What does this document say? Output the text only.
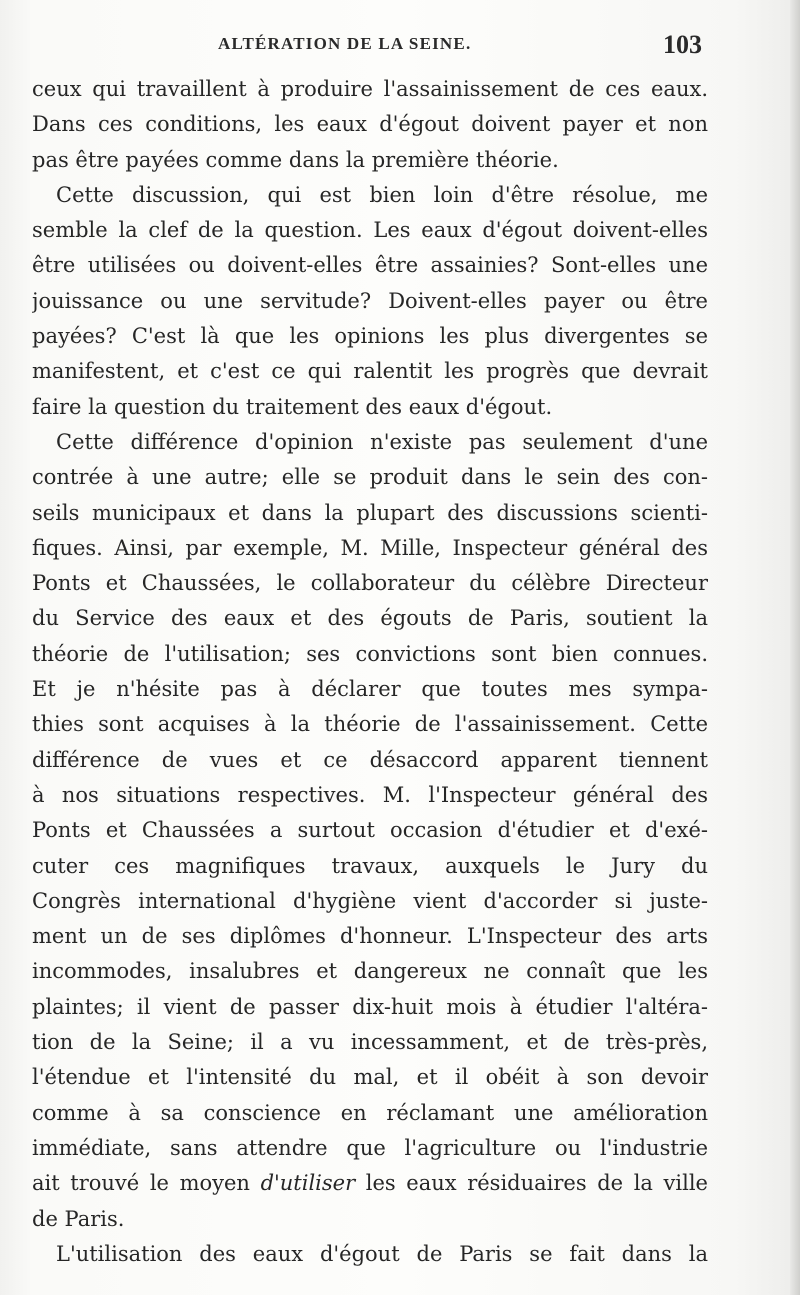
ALTÉRATION DE LA SEINE.	103
ceux qui travaillent à produire l'assainissement de ces eaux.
Dans ces conditions, les eaux d'égout doivent payer et non
pas être payées comme dans la première théorie.
Cette discussion, qui est bien loin d'être résolue, me
semble la clef de la question. Les eaux d'égout doivent-elles
être utilisées ou doivent-elles être assainies? Sont-elles une
jouissance ou une servitude? Doivent-elles payer ou être
payées? C'est là que les opinions les plus divergentes se
manifestent, et c'est ce qui ralentit les progrès que devrait
faire la question du traitement des eaux d'égout.
Cette différence d'opinion n'existe pas seulement d'une
contrée à une autre; elle se produit dans le sein des con-
seils municipaux et dans la plupart des discussions scienti-
fiques. Ainsi, par exemple, M. Mille, Inspecteur général des
Ponts et Chaussées, le collaborateur du célèbre Directeur
du Service des eaux et des égouts de Paris, soutient la
théorie de l'utilisation; ses convictions sont bien connues.
Et je n'hésite pas à déclarer que toutes mes sympa-
thies sont acquises à la théorie de l'assainissement. Cette
différence de vues et ce désaccord apparent tiennent
à nos situations respectives. M. l'Inspecteur général des
Ponts et Chaussées a surtout occasion d'étudier et d'exé-
cuter ces magnifiques travaux, auxquels le Jury du
Congrès international d'hygiène vient d'accorder si juste-
ment un de ses diplômes d'honneur. L'Inspecteur des arts
incommodes, insalubres et dangereux ne connaît que les
plaintes; il vient de passer dix-huit mois à étudier l'altéra-
tion de la Seine; il a vu incessamment, et de très-près,
l'étendue et l'intensité du mal, et il obéit à son devoir
comme à sa conscience en réclamant une amélioration
immédiate, sans attendre que l'agriculture ou l'industrie
ait trouvé le moyen d'utiliser les eaux résiduaires de la ville
de Paris.
L'utilisation des eaux d'égout de Paris se fait dans la
